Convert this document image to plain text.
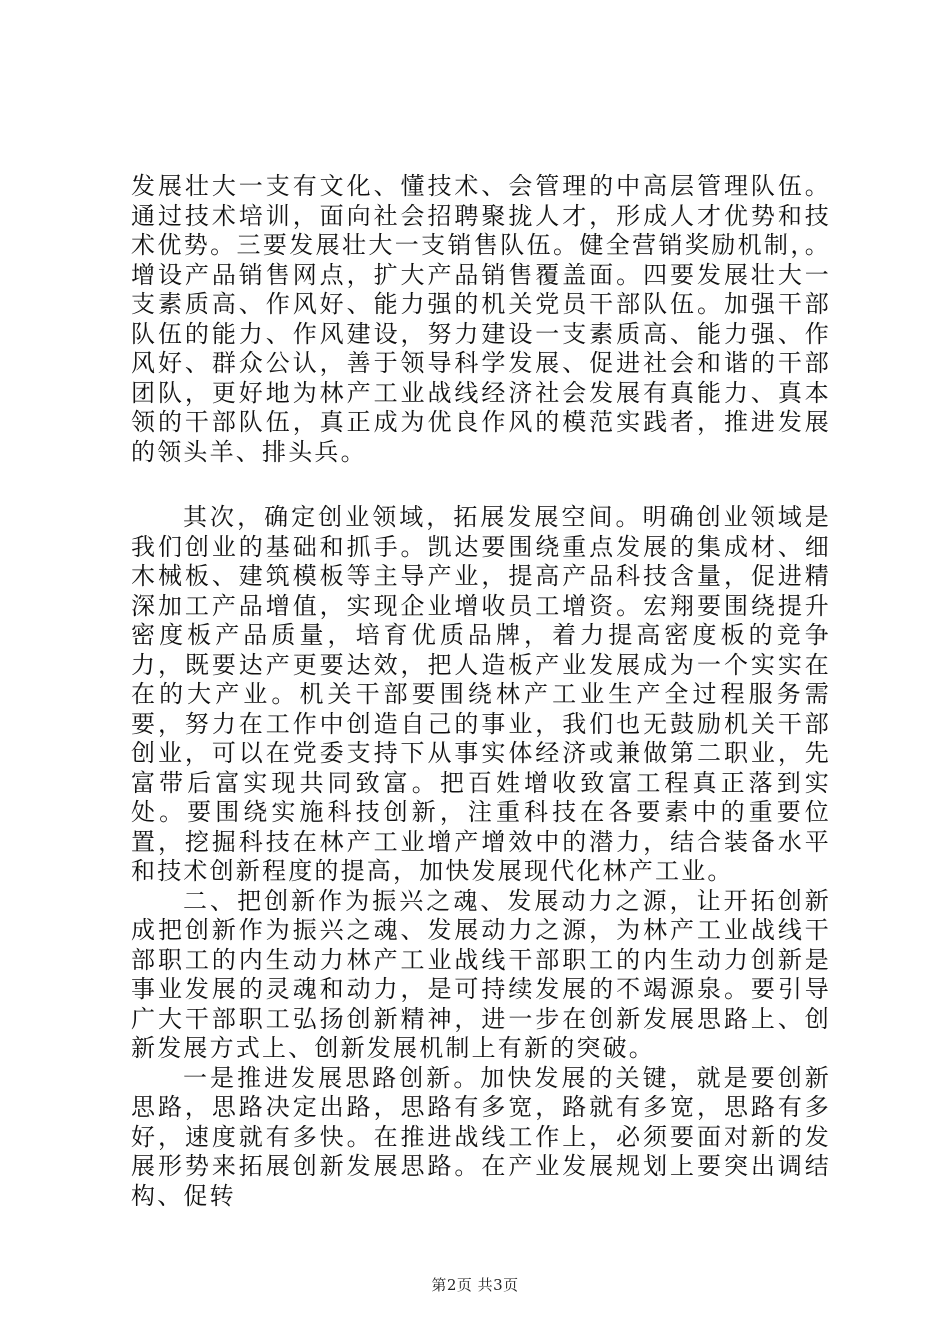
发展壮大一支有文化、懂技术、会管理的中高层管理队伍。通过技术培训，面向社会招聘聚拢人才，形成人才优势和技术优势。三要发展壮大一支销售队伍。健全营销奖励机制，。增设产品销售网点，扩大产品销售覆盖面。四要发展壮大一支素质高、作风好、能力强的机关党员干部队伍。加强干部队伍的能力、作风建设，努力建设一支素质高、能力强、作风好、群众公认，善于领导科学发展、促进社会和谐的干部团队，更好地为林产工业战线经济社会发展有真能力、真本领的干部队伍，真正成为优良作风的模范实践者，推进发展的领头羊、排头兵。

其次，确定创业领域，拓展发展空间。明确创业领域是我们创业的基础和抓手。凯达要围绕重点发展的集成材、细木械板、建筑模板等主导产业，提高产品科技含量，促进精深加工产品增值，实现企业增收员工增资。宏翔要围绕提升密度板产品质量，培育优质品牌，着力提高密度板的竞争力，既要达产更要达效，把人造板产业发展成为一个实实在在的大产业。机关干部要围绕林产工业生产全过程服务需要，努力在工作中创造自己的事业，我们也无鼓励机关干部创业，可以在党委支持下从事实体经济或兼做第二职业，先富带后富实现共同致富。把百姓增收致富工程真正落到实处。要围绕实施科技创新，注重科技在各要素中的重要位置，挖掘科技在林产工业增产增效中的潜力，结合装备水平和技术创新程度的提高，加快发展现代化林产工业。

二、把创新作为振兴之魂、发展动力之源，让开拓创新成把创新作为振兴之魂、发展动力之源，为林产工业战线干部职工的内生动力林产工业战线干部职工的内生动力创新是事业发展的灵魂和动力，是可持续发展的不竭源泉。要引导广大干部职工弘扬创新精神，进一步在创新发展思路上、创新发展方式上、创新发展机制上有新的突破。

一是推进发展思路创新。加快发展的关键，就是要创新思路，思路决定出路，思路有多宽，路就有多宽，思路有多好，速度就有多快。在推进战线工作上，必须要面对新的发展形势来拓展创新发展思路。在产业发展规划上要突出调结构、促转

第2页 共3页
